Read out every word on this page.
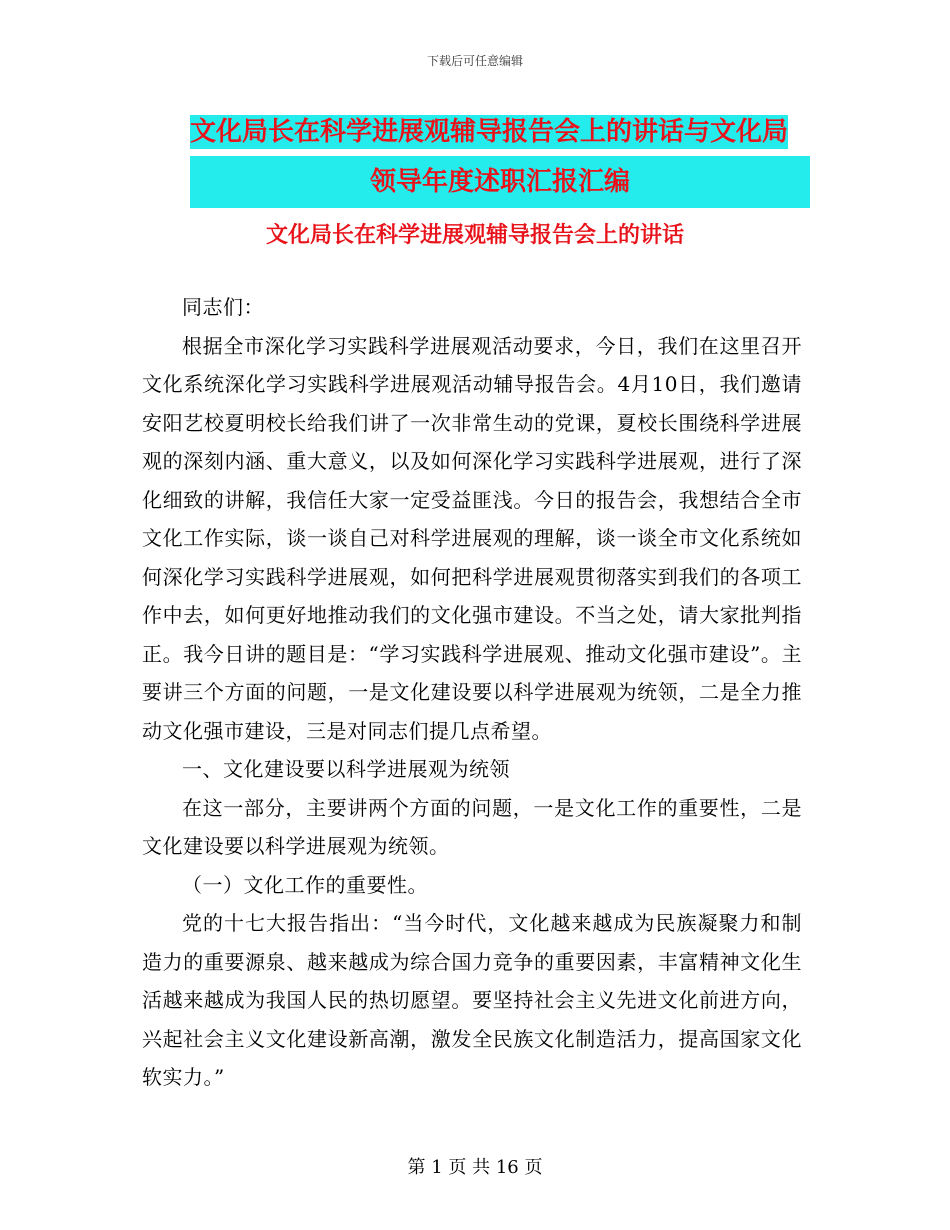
下载后可任意编辑
文化局长在科学进展观辅导报告会上的讲话与文化局
领导年度述职汇报汇编
文化局长在科学进展观辅导报告会上的讲话

同志们：

根据全市深化学习实践科学进展观活动要求，今日，我们在这里召开文化系统深化学习实践科学进展观活动辅导报告会。4月10日，我们邀请安阳艺校夏明校长给我们讲了一次非常生动的党课，夏校长围绕科学进展观的深刻内涵、重大意义，以及如何深化学习实践科学进展观，进行了深化细致的讲解，我信任大家一定受益匪浅。今日的报告会，我想结合全市文化工作实际，谈一谈自己对科学进展观的理解，谈一谈全市文化系统如何深化学习实践科学进展观，如何把科学进展观贯彻落实到我们的各项工作中去，如何更好地推动我们的文化强市建设。不当之处，请大家批判指正。我今日讲的题目是：“学习实践科学进展观、推动文化强市建设”。主要讲三个方面的问题，一是文化建设要以科学进展观为统领，二是全力推动文化强市建设，三是对同志们提几点希望。

一、文化建设要以科学进展观为统领

在这一部分，主要讲两个方面的问题，一是文化工作的重要性，二是文化建设要以科学进展观为统领。

（一）文化工作的重要性。

党的十七大报告指出：“当今时代，文化越来越成为民族凝聚力和制造力的重要源泉、越来越成为综合国力竞争的重要因素，丰富精神文化生活越来越成为我国人民的热切愿望。要坚持社会主义先进文化前进方向，兴起社会主义文化建设新高潮，激发全民族文化制造活力，提高国家文化软实力。”

第 1 页 共 16 页
